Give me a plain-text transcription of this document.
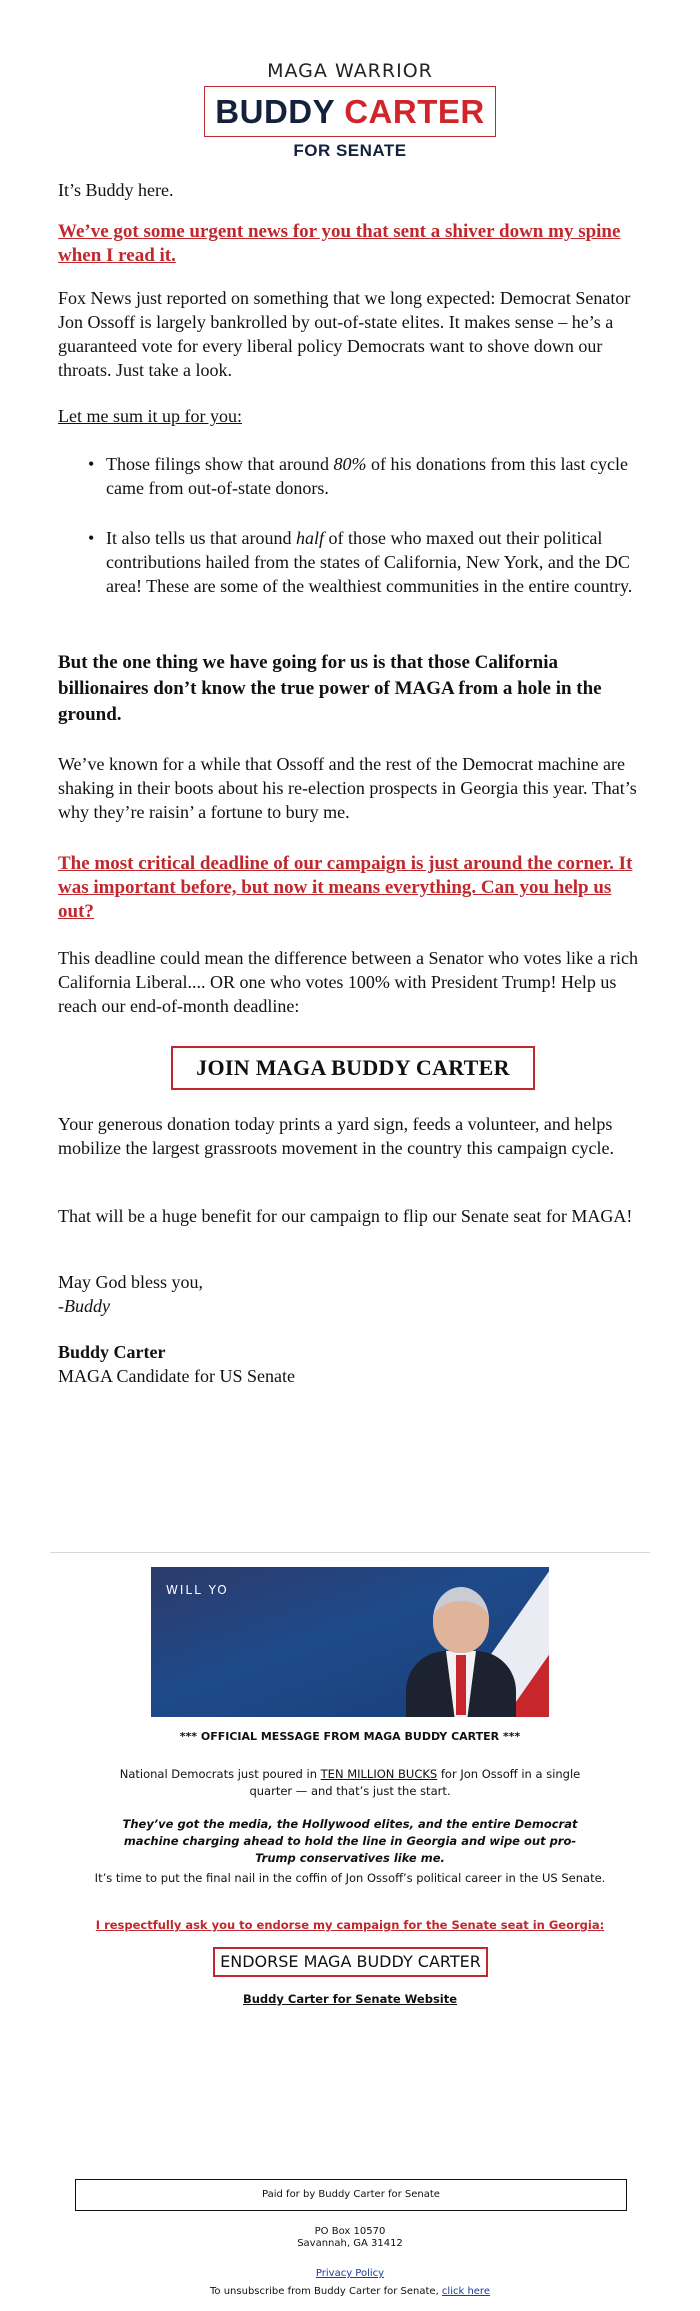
MAGA WARRIOR
BUDDY CARTER
FOR SENATE
It’s Buddy here.
We’ve got some urgent news for you that sent a shiver down my spine when I read it.
Fox News just reported on something that we long expected: Democrat Senator Jon Ossoff is largely bankrolled by out-of-state elites. It makes sense – he’s a guaranteed vote for every liberal policy Democrats want to shove down our throats. Just take a look.
Let me sum it up for you:
• Those filings show that around 80% of his donations from this last cycle came from out-of-state donors.
• It also tells us that around half of those who maxed out their political contributions hailed from the states of California, New York, and the DC area! These are some of the wealthiest communities in the entire country.
But the one thing we have going for us is that those California billionaires don’t know the true power of MAGA from a hole in the ground.
We’ve known for a while that Ossoff and the rest of the Democrat machine are shaking in their boots about his re-election prospects in Georgia this year. That’s why they’re raisin’ a fortune to bury me.
The most critical deadline of our campaign is just around the corner. It was important before, but now it means everything. Can you help us out?
This deadline could mean the difference between a Senator who votes like a rich California Liberal.... OR one who votes 100% with President Trump! Help us reach our end-of-month deadline:
JOIN MAGA BUDDY CARTER
Your generous donation today prints a yard sign, feeds a volunteer, and helps mobilize the largest grassroots movement in the country this campaign cycle.
That will be a huge benefit for our campaign to flip our Senate seat for MAGA!
May God bless you,
-Buddy
Buddy Carter
MAGA Candidate for US Senate
WILL YO
*** OFFICIAL MESSAGE FROM MAGA BUDDY CARTER ***
National Democrats just poured in TEN MILLION BUCKS for Jon Ossoff in a single quarter — and that’s just the start.
They’ve got the media, the Hollywood elites, and the entire Democrat machine charging ahead to hold the line in Georgia and wipe out pro-Trump conservatives like me.
It’s time to put the final nail in the coffin of Jon Ossoff’s political career in the US Senate.
I respectfully ask you to endorse my campaign for the Senate seat in Georgia:
ENDORSE MAGA BUDDY CARTER
Buddy Carter for Senate Website
Paid for by Buddy Carter for Senate
PO Box 10570
Savannah, GA 31412
Privacy Policy
To unsubscribe from Buddy Carter for Senate, click here
